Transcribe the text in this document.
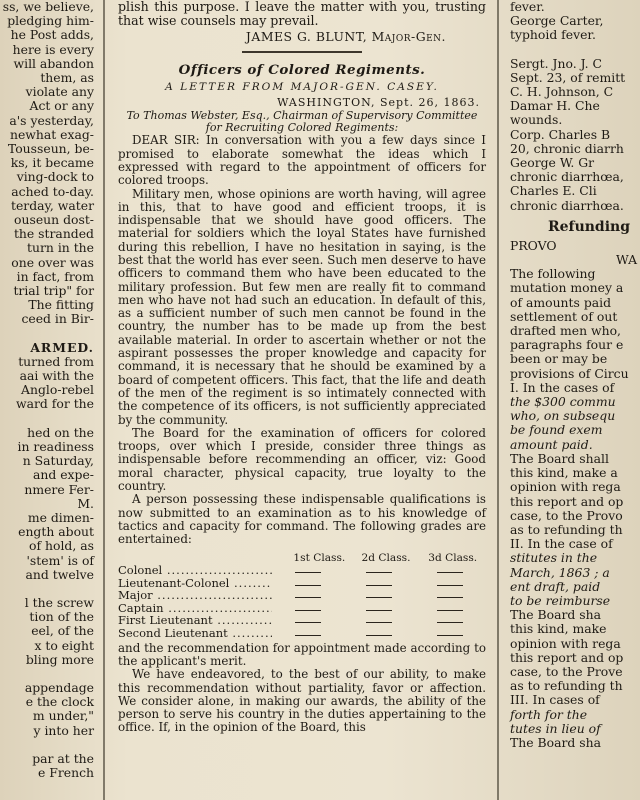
ss, we believe,
pledging him-
he Post adds,
here is every
will abandon
them, as
violate any
Act or any
a's yesterday,
newhat exag-
Tousseun, be-
ks, it became
ving-dock to
ached to-day.
terday, water
ouseun dost-
the stranded
turn in the
one over was
in fact, from
trial trip" for
The fitting
ceed in Bir-
ARMED.
turned from
aai with the
Anglo-rebel
ward for the
hed on the
in readiness
n Saturday,
and expe-
nmere Fer-
M.
me dimen-
ength about
of hold, as
'stem' is of
and twelve
l the screw
tion of the
eel, of the
x to eight
bling more
appendage
e the clock
m under,"
y into her
par at the
e French
plish this purpose. I leave the matter with you, trusting that wise counsels may prevail.
JAMES G. BLUNT, Major-Gen.
Officers of Colored Regiments.
A LETTER FROM MAJOR-GEN. CASEY.
WASHINGTON, Sept. 26, 1863.
To Thomas Webster, Esq., Chairman of Supervisory Committee for Recruiting Colored Regiments:

DEAR SIR: In conversation with you a few days since I promised to elaborate somewhat the ideas which I expressed with regard to the appointment of officers for colored troops.

Military men, whose opinions are worth having, will agree in this, that to have good and efficient troops, it is indispensable that we should have good officers. The material for soldiers which the loyal States have furnished during this rebellion, I have no hesitation in saying, is the best that the world has ever seen. Such men deserve to have officers to command them who have been educated to the military profession. But few men are really fit to command men who have not had such an education. In default of this, as a sufficient number of such men cannot be found in the country, the number has to be made up from the best available material. In order to ascertain whether or not the aspirant possesses the proper knowledge and capacity for command, it is necessary that he should be examined by a board of competent officers. This fact, that the life and death of the men of the regiment is so intimately connected with the competence of its officers, is not sufficiently appreciated by the community.

The Board for the examination of officers for colored troops, over which I preside, consider three things as indispensable before recommending an officer, viz: Good moral character, physical capacity, true loyalty to the country.

A person possessing these indispensable qualifications is now submitted to an examination as to his knowledge of tactics and capacity for command. The following grades are entertained:

1st Class.	2d Class.	3d Class.
Colonel .....
Lieutenant-Colonel .....
Major .....
Captain .....
First Lieutenant .....
Second Lieutenant .....

and the recommendation for appointment made according to the applicant's merit.

We have endeavored, to the best of our ability, to make this recommendation without partiality, favor or affection. We consider alone, in making our awards, the ability of the person to serve his country in the duties appertaining to the office. If, in the opinion of the Board, this

fever.
George Carter,
typhoid fever.
Sergt. Jno. J. C
Sept. 23, of remitt
C. H. Johnson, C
Damar H. Che
wounds.
Corp. Charles B
20, chronic diarrh
George W. Gr
chronic diarrhœa,
Charles E. Cli
chronic diarrhœa.
Refunding
PROVO
WA
The following
mutation money a
of amounts paid
settlement of out
drafted men who,
paragraphs four e
been or may be
provisions of Circu
I. In the cases of
the $300 commu
who, on subsequ
be found exem
amount paid.
The Board shall
this kind, make a
opinion with rega
this report and op
case, to the Provo
as to refunding th
II. In the case of
stitutes in the
March, 1863 ; a
ent draft, paid
to be reimburse
The Board sha
this kind, make
opinion with rega
this report and op
case, to the Prove
as to refunding th
III. In cases of
forth for the
tutes in lieu of
The Board sha
